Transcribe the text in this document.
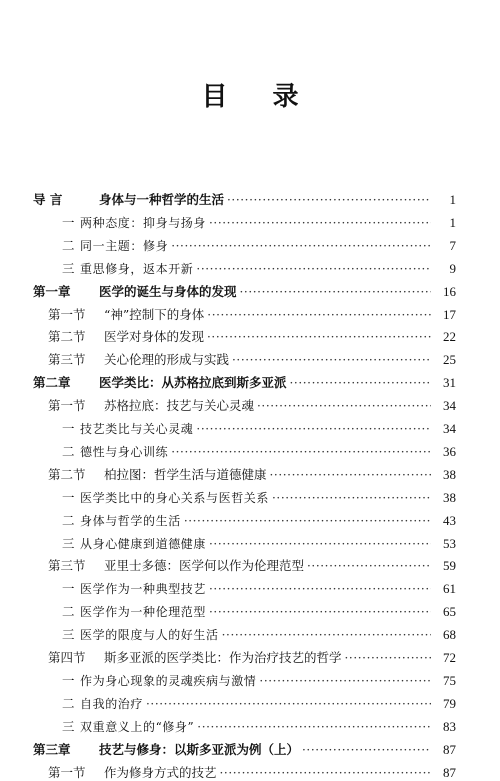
目 录
导 言	身体与一种哲学的生活 ·····	1
一 两种态度：抑身与扬身 ·····	1
二 同一主题：修身 ·····	7
三 重思修身，返本开新 ·····	9
第一章	医学的诞生与身体的发现 ·····	16
第一节	“神”控制下的身体 ·····	17
第二节	医学对身体的发现 ·····	22
第三节	关心伦理的形成与实践 ·····	25
第二章	医学类比：从苏格拉底到斯多亚派 ·····	31
第一节	苏格拉底：技艺与关心灵魂 ·····	34
一 技艺类比与关心灵魂 ·····	34
二 德性与身心训练 ·····	36
第二节	柏拉图：哲学生活与道德健康 ·····	38
一 医学类比中的身心关系与医哲关系 ·····	38
二 身体与哲学的生活 ·····	43
三 从身心健康到道德健康 ·····	53
第三节	亚里士多德：医学何以作为伦理范型 ·····	59
一 医学作为一种典型技艺 ·····	61
二 医学作为一种伦理范型 ·····	65
三 医学的限度与人的好生活 ·····	68
第四节	斯多亚派的医学类比：作为治疗技艺的哲学 ·····	72
一 作为身心现象的灵魂疾病与激情 ·····	75
二 自我的治疗 ·····	79
三 双重意义上的“修身” ·····	83
第三章	技艺与修身：以斯多亚派为例（上） ·····	87
第一节	作为修身方式的技艺 ·····	87
